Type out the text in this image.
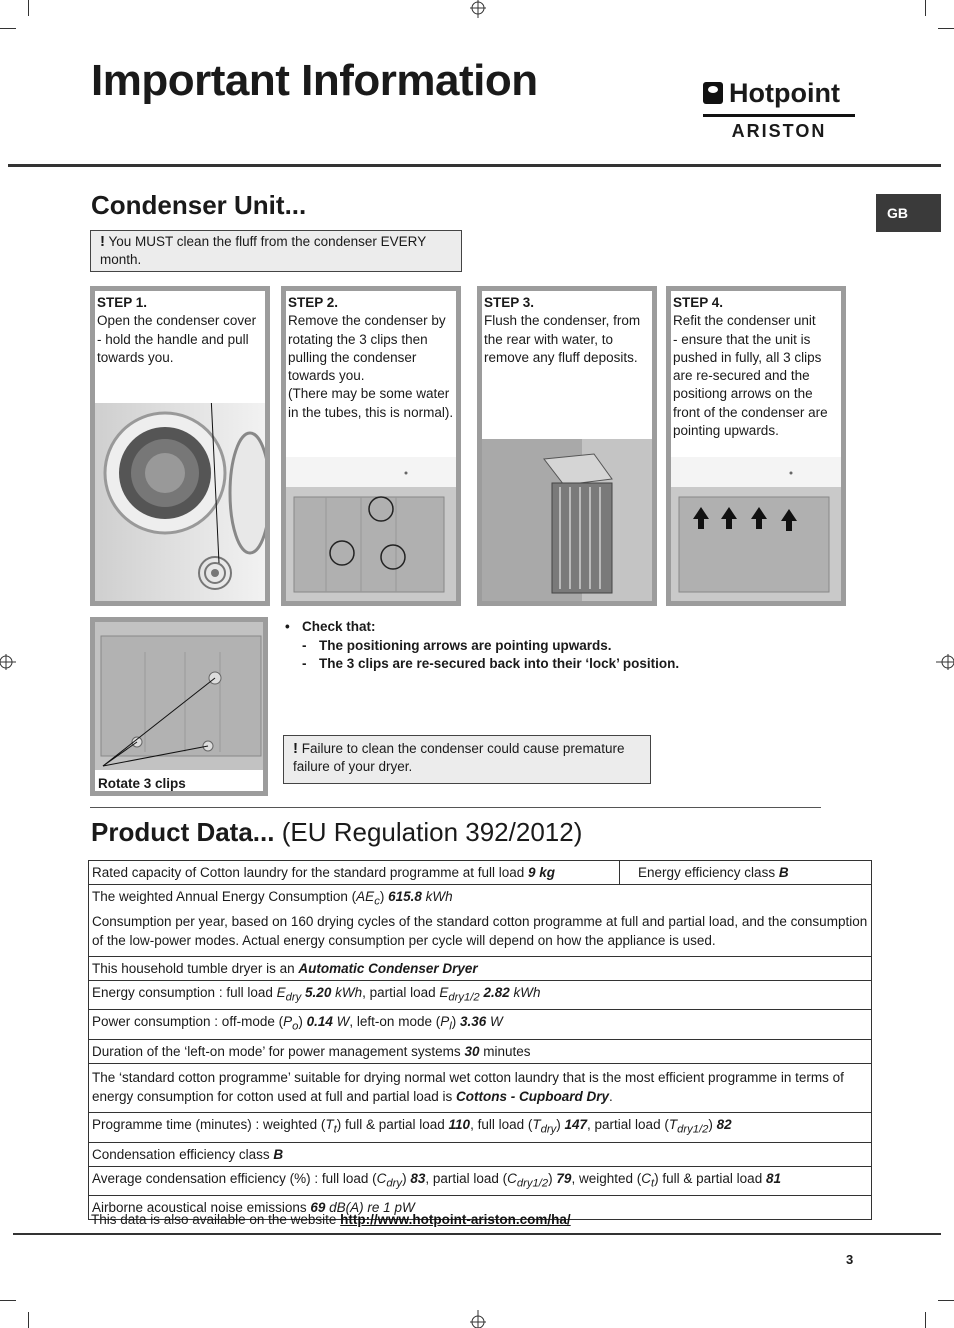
Important Information	Hotpoint
ARISTON
GB
Condenser Unit...
! You MUST clean the fluff from the condenser EVERY month.
STEP 1.
Open the condenser cover
- hold the handle and pull towards you.
STEP 2.
Remove the condenser by rotating the 3 clips then pulling the condenser towards you.
(There may be some water in the tubes, this is normal).
STEP 3.
Flush the condenser, from the rear with water, to remove any fluff deposits.
STEP 4.
Refit the condenser unit
- ensure that the unit is pushed in fully, all 3 clips are re-secured and the positiong arrows on the front of the condenser are pointing upwards.
Rotate 3 clips
• Check that:
- The positioning arrows are pointing upwards.
- The 3 clips are re-secured back into their ‘lock’ position.
! Failure to clean the condenser could cause premature failure of your dryer.
Product Data... (EU Regulation 392/2012)
Rated capacity of Cotton laundry for the standard programme at full load 9 kg	Energy efficiency class B
The weighted Annual Energy Consumption $(AE_c)$ 615.8 kWh
Consumption per year, based on 160 drying cycles of the standard cotton programme at full and partial load, and the consumption of the low-power modes. Actual energy consumption per cycle will depend on how the appliance is used.
This household tumble dryer is an Automatic Condenser Dryer
Energy consumption : full load $E_{dry}$ 5.20 kWh, partial load $E_{dry1/2}$ 2.82 kWh
Power consumption : off-mode $(P_o)$ 0.14 W, left-on mode $(P_l)$ 3.36 W
Duration of the ‘left-on mode’ for power management systems 30 minutes
The ‘standard cotton programme’ suitable for drying normal wet cotton laundry that is the most efficient programme in terms of energy consumption for cotton used at full and partial load is Cottons - Cupboard Dry.
Programme time (minutes) : weighted $(T_t)$ full & partial load 110, full load $(T_{dry})$ 147, partial load $(T_{dry1/2})$ 82
Condensation efficiency class B
Average condensation efficiency (%) : full load $(C_{dry})$ 83, partial load $(C_{dry1/2})$ 79, weighted $(C_t)$ full & partial load 81
Airborne acoustical noise emissions 69 dB(A) re 1 pW
This data is also available on the website http://www.hotpoint-ariston.com/ha/
3
